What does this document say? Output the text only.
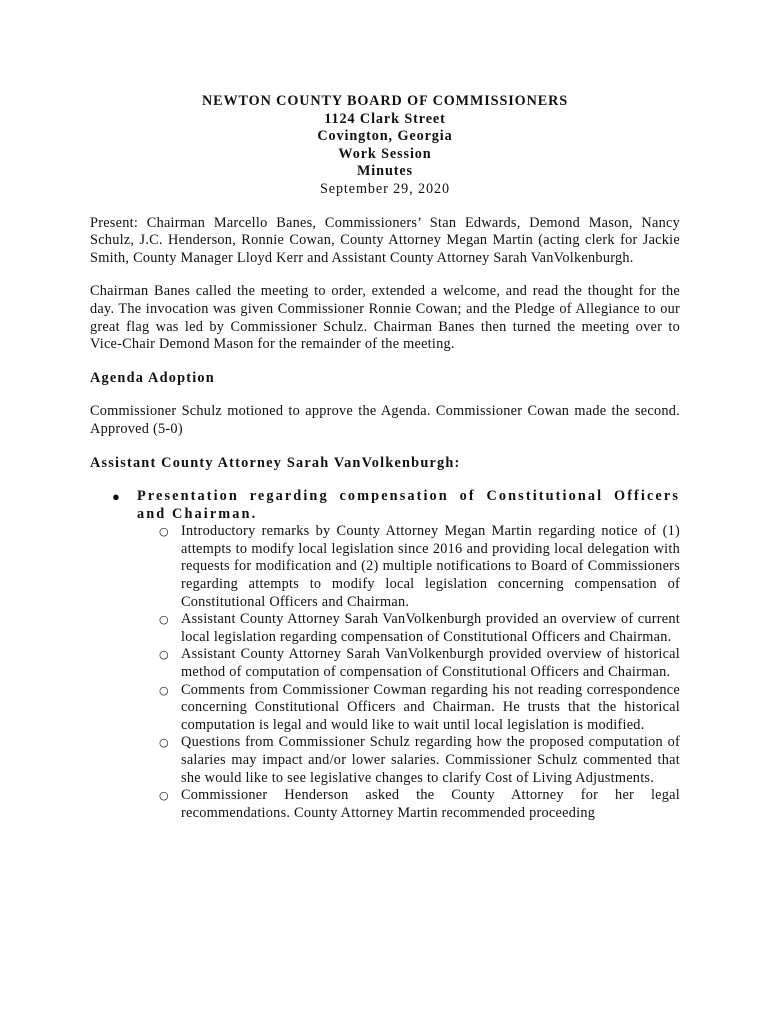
NEWTON COUNTY BOARD OF COMMISSIONERS
1124 Clark Street
Covington, Georgia
Work Session
Minutes
September 29, 2020

Present: Chairman Marcello Banes, Commissioners’ Stan Edwards, Demond Mason, Nancy Schulz, J.C. Henderson, Ronnie Cowan, County Attorney Megan Martin (acting clerk for Jackie Smith, County Manager Lloyd Kerr and Assistant County Attorney Sarah VanVolkenburgh.

Chairman Banes called the meeting to order, extended a welcome, and read the thought for the day. The invocation was given Commissioner Ronnie Cowan; and the Pledge of Allegiance to our great flag was led by Commissioner Schulz. Chairman Banes then turned the meeting over to Vice-Chair Demond Mason for the remainder of the meeting.

Agenda Adoption

Commissioner Schulz motioned to approve the Agenda. Commissioner Cowan made the second. Approved (5-0)

Assistant County Attorney Sarah VanVolkenburgh:

● Presentation regarding compensation of Constitutional Officers and Chairman.

○ Introductory remarks by County Attorney Megan Martin regarding notice of (1) attempts to modify local legislation since 2016 and providing local delegation with requests for modification and (2) multiple notifications to Board of Commissioners regarding attempts to modify local legislation concerning compensation of Constitutional Officers and Chairman.
○ Assistant County Attorney Sarah VanVolkenburgh provided an overview of current local legislation regarding compensation of Constitutional Officers and Chairman.
○ Assistant County Attorney Sarah VanVolkenburgh provided overview of historical method of computation of compensation of Constitutional Officers and Chairman.
○ Comments from Commissioner Cowman regarding his not reading correspondence concerning Constitutional Officers and Chairman. He trusts that the historical computation is legal and would like to wait until local legislation is modified.
○ Questions from Commissioner Schulz regarding how the proposed computation of salaries may impact and/or lower salaries. Commissioner Schulz commented that she would like to see legislative changes to clarify Cost of Living Adjustments.
○ Commissioner Henderson asked the County Attorney for her legal recommendations. County Attorney Martin recommended proceeding
